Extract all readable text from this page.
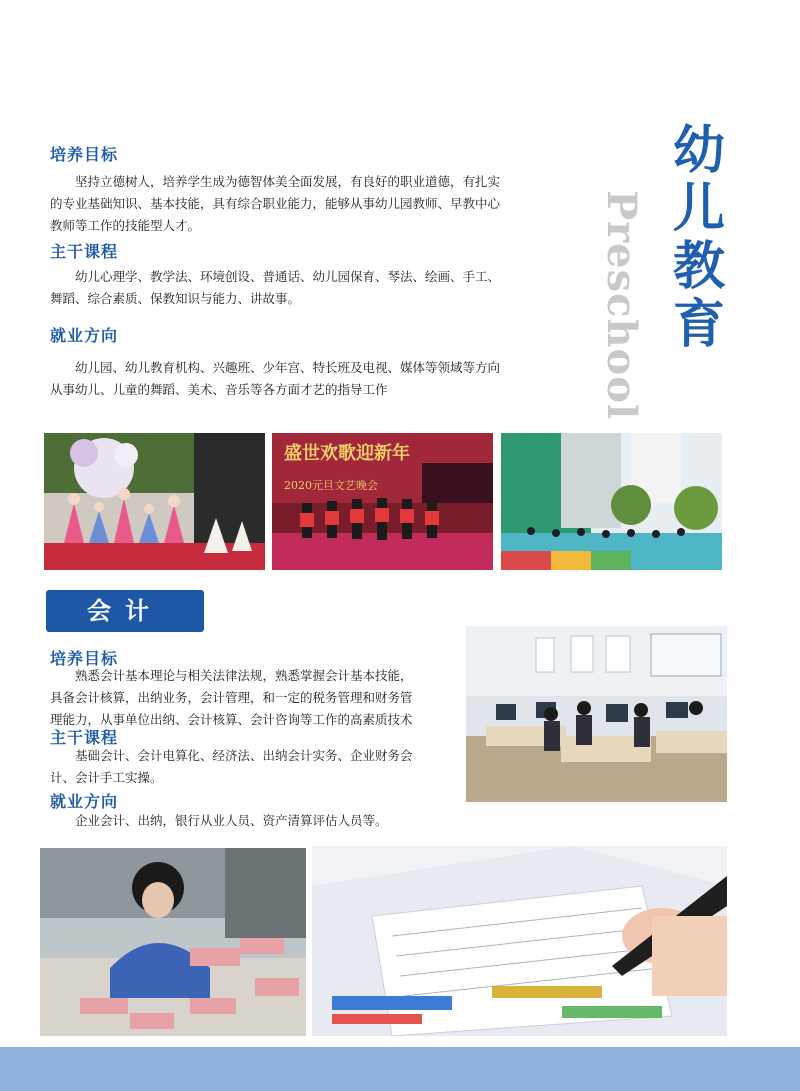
幼儿教育
Preschool
培养目标
坚持立德树人，培养学生成为德智体美全面发展，有良好的职业道德，有扎实
的专业基础知识、基本技能，具有综合职业能力，能够从事幼儿园教师、早教中心
教师等工作的技能型人才。
主干课程
幼儿心理学、教学法、环境创设、普通话、幼儿园保育、琴法、绘画、手工、
舞蹈、综合素质、保教知识与能力、讲故事。
就业方向
幼儿园、幼儿教育机构、兴趣班、少年宫、特长班及电视、媒体等领域等方向
从事幼儿、儿童的舞蹈、美术、音乐等各方面才艺的指导工作
盛世欢歌迎新年
2020元旦文艺晚会
会计
培养目标
熟悉会计基本理论与相关法律法规，熟悉掌握会计基本技能，
具备会计核算，出纳业务，会计管理，和一定的税务管理和财务管
理能力，从事单位出纳、会计核算、会计咨询等工作的高素质技术
主干课程
基础会计、会计电算化、经济法、出纳会计实务、企业财务会
计、会计手工实操。
就业方向
企业会计、出纳，银行从业人员、资产清算评估人员等。
